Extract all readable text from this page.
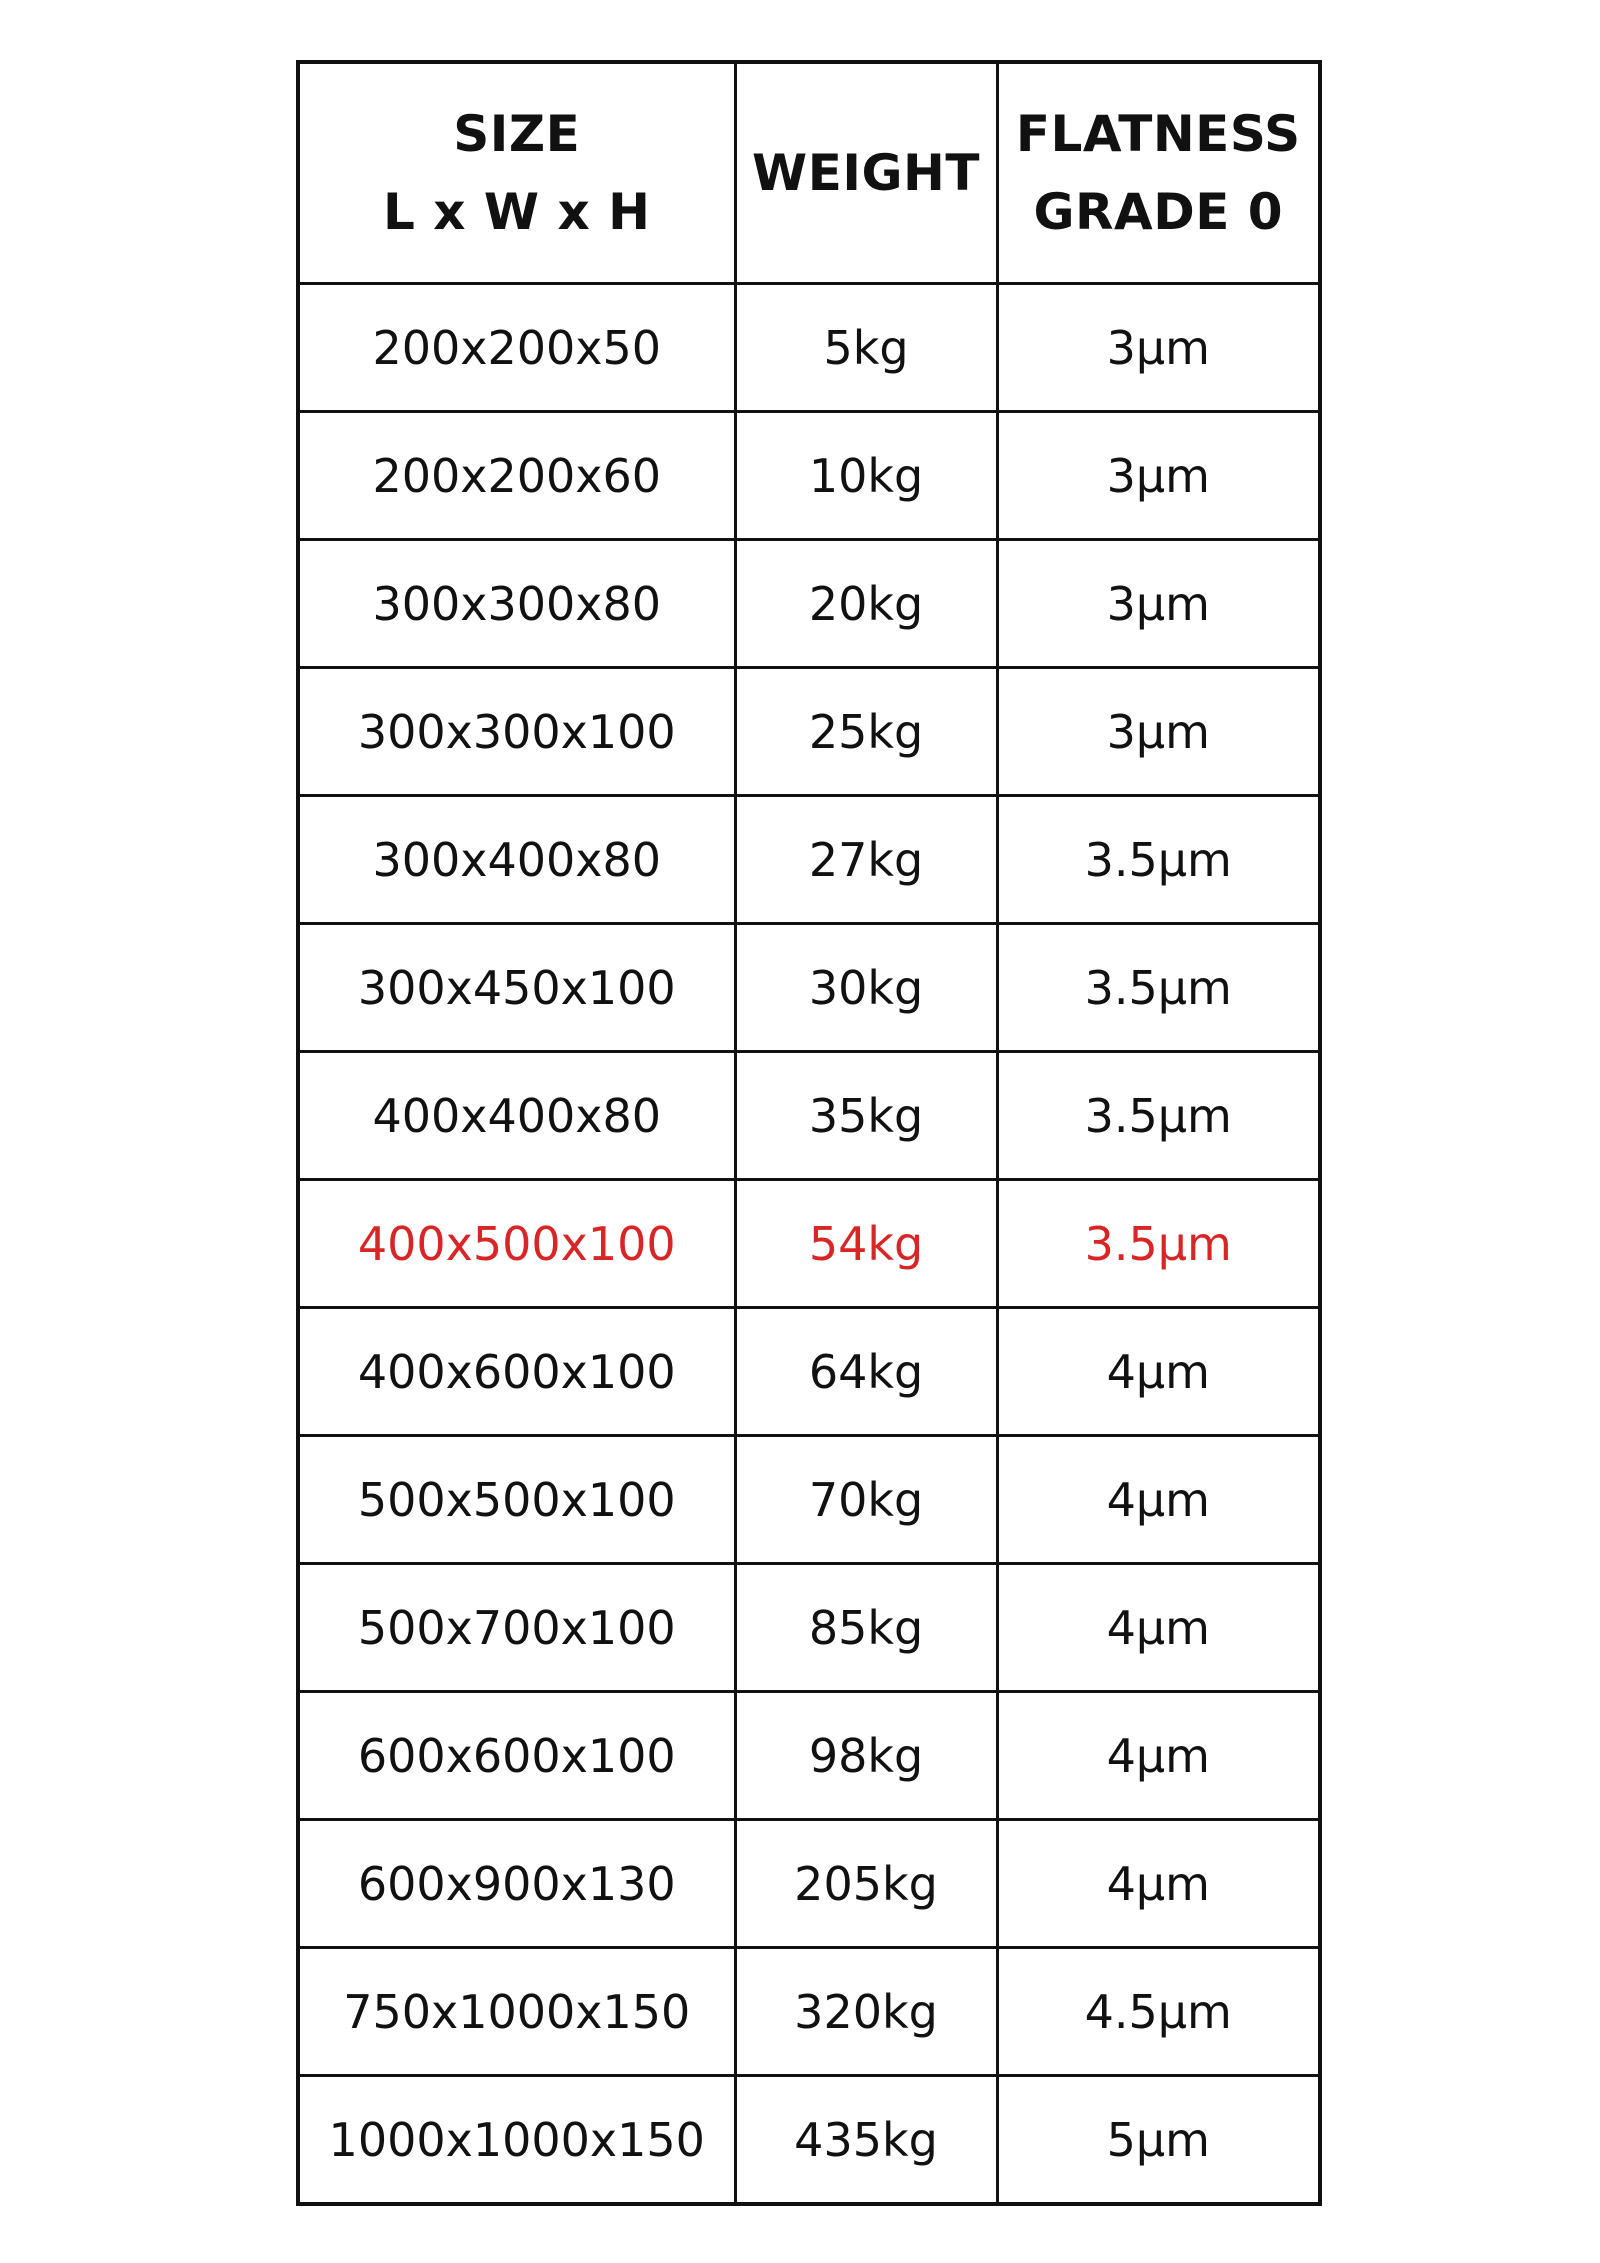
SIZE
L x W x H	WEIGHT	FLATNESS
GRADE 0

200x200x50	5kg	3µm
200x200x60	10kg	3µm
300x300x80	20kg	3µm
300x300x100	25kg	3µm
300x400x80	27kg	3.5µm
300x450x100	30kg	3.5µm
400x400x80	35kg	3.5µm
400x500x100	54kg	3.5µm
400x600x100	64kg	4µm
500x500x100	70kg	4µm
500x700x100	85kg	4µm
600x600x100	98kg	4µm
600x900x130	205kg	4µm
750x1000x150	320kg	4.5µm
1000x1000x150	435kg	5µm
